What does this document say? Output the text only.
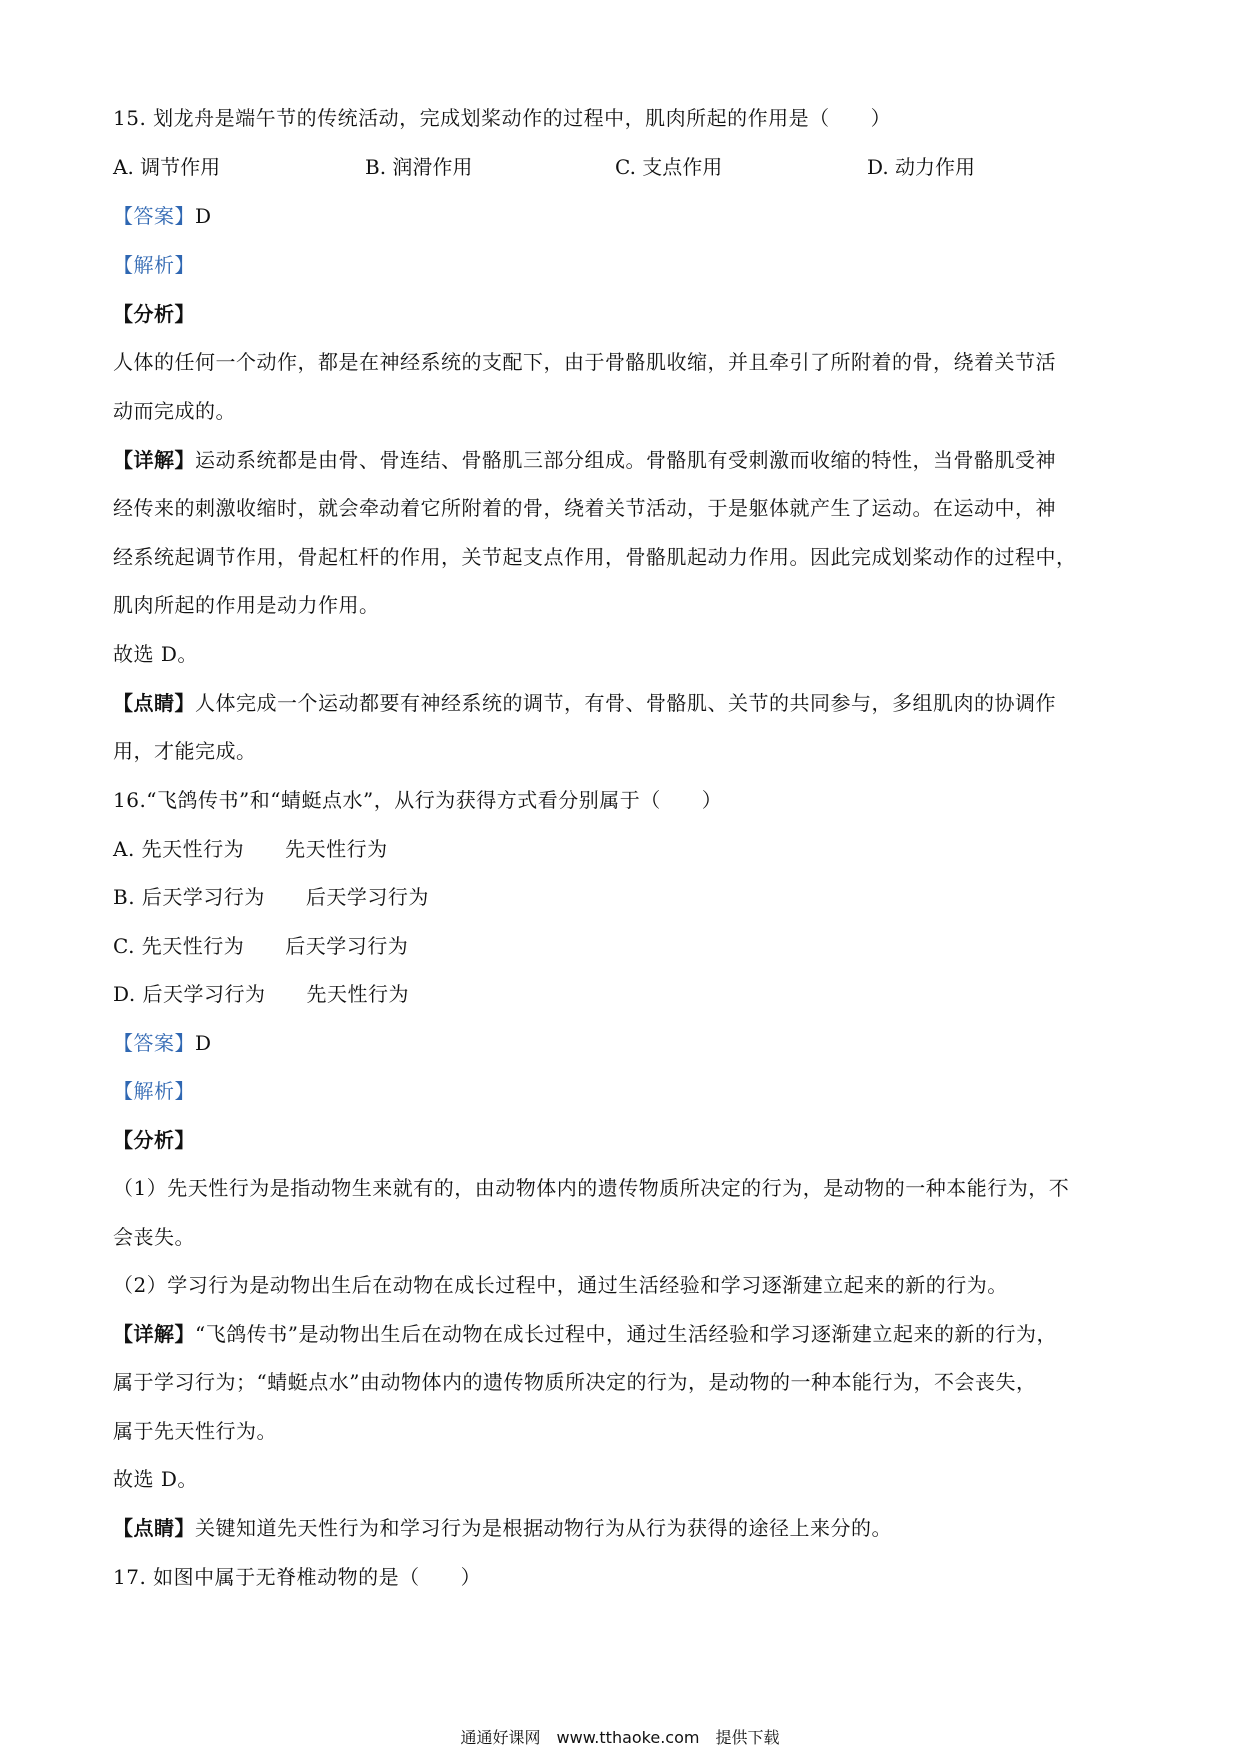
15. 划龙舟是端午节的传统活动，完成划桨动作的过程中，肌肉所起的作用是（　　）
A. 调节作用	B. 润滑作用	C. 支点作用	D. 动力作用
【答案】D
【解析】
【分析】
人体的任何一个动作，都是在神经系统的支配下，由于骨骼肌收缩，并且牵引了所附着的骨，绕着关节活
动而完成的。
【详解】运动系统都是由骨、骨连结、骨骼肌三部分组成。骨骼肌有受刺激而收缩的特性，当骨骼肌受神
经传来的刺激收缩时，就会牵动着它所附着的骨，绕着关节活动，于是躯体就产生了运动。在运动中，神
经系统起调节作用，骨起杠杆的作用，关节起支点作用，骨骼肌起动力作用。因此完成划桨动作的过程中，
肌肉所起的作用是动力作用。
故选 D。
【点睛】人体完成一个运动都要有神经系统的调节，有骨、骨骼肌、关节的共同参与，多组肌肉的协调作
用，才能完成。
16.“飞鸽传书”和“蜻蜓点水”，从行为获得方式看分别属于（　　）
A. 先天性行为　　先天性行为
B. 后天学习行为　　后天学习行为
C. 先天性行为　　后天学习行为
D. 后天学习行为　　先天性行为
【答案】D
【解析】
【分析】
（1）先天性行为是指动物生来就有的，由动物体内的遗传物质所决定的行为，是动物的一种本能行为，不
会丧失。
（2）学习行为是动物出生后在动物在成长过程中，通过生活经验和学习逐渐建立起来的新的行为。
【详解】“飞鸽传书”是动物出生后在动物在成长过程中，通过生活经验和学习逐渐建立起来的新的行为，
属于学习行为；“蜻蜓点水”由动物体内的遗传物质所决定的行为，是动物的一种本能行为，不会丧失，
属于先天性行为。
故选 D。
【点睛】关键知道先天性行为和学习行为是根据动物行为从行为获得的途径上来分的。
17. 如图中属于无脊椎动物的是（　　）
通通好课网　www.tthaoke.com　提供下载
